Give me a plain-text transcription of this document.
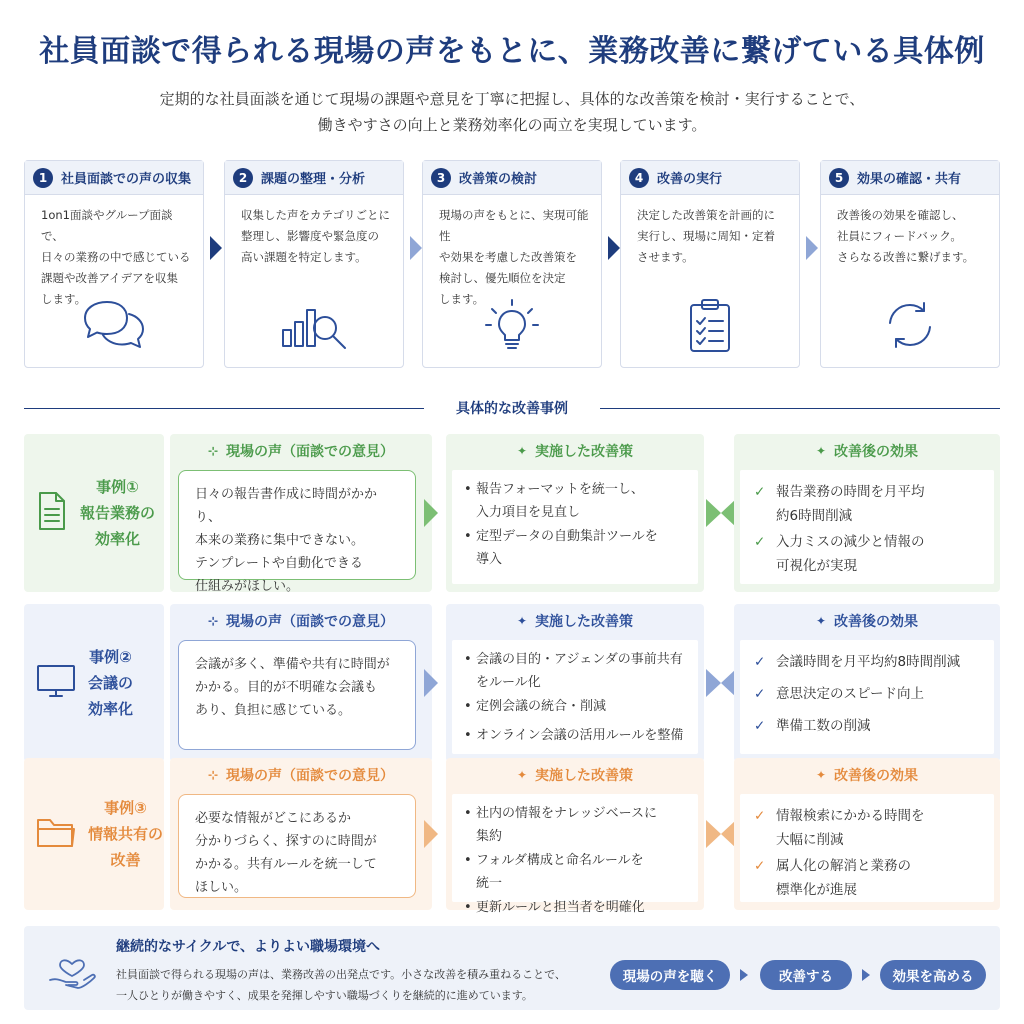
社員面談で得られる現場の声をもとに、業務改善に繋げている具体例
定期的な社員面談を通じて現場の課題や意見を丁寧に把握し、具体的な改善策を検討・実行することで、
働きやすさの向上と業務効率化の両立を実現しています。
1	社員面談での声の収集
1on1面談やグループ面談で、
日々の業務の中で感じている
課題や改善アイデアを収集
します。
2	課題の整理・分析
収集した声をカテゴリごとに
整理し、影響度や緊急度の
高い課題を特定します。
3	改善策の検討
現場の声をもとに、実現可能性
や効果を考慮した改善策を
検討し、優先順位を決定
します。
4	改善の実行
決定した改善策を計画的に
実行し、現場に周知・定着
させます。
5	効果の確認・共有
改善後の効果を確認し、
社員にフィードバック。
さらなる改善に繋げます。
具体的な改善事例
事例①
報告業務の
効率化
⊹ 現場の声（面談での意見）
日々の報告書作成に時間がかかり、
本来の業務に集中できない。
テンプレートや自動化できる
仕組みがほしい。
✦ 実施した改善策
• 報告フォーマットを統一し、
入力項目を見直し
• 定型データの自動集計ツールを
導入
✦ 改善後の効果
✓ 報告業務の時間を月平均
約6時間削減
✓ 入力ミスの減少と情報の
可視化が実現
事例②
会議の
効率化
⊹ 現場の声（面談での意見）
会議が多く、準備や共有に時間が
かかる。目的が不明確な会議も
あり、負担に感じている。
✦ 実施した改善策
• 会議の目的・アジェンダの事前共有
をルール化
• 定例会議の統合・削減
• オンライン会議の活用ルールを整備
✦ 改善後の効果
✓ 会議時間を月平均約8時間削減
✓ 意思決定のスピード向上
✓ 準備工数の削減
事例③
情報共有の
改善
⊹ 現場の声（面談での意見）
必要な情報がどこにあるか
分かりづらく、探すのに時間が
かかる。共有ルールを統一して
ほしい。
✦ 実施した改善策
• 社内の情報をナレッジベースに
集約
• フォルダ構成と命名ルールを
統一
• 更新ルールと担当者を明確化
✦ 改善後の効果
✓ 情報検索にかかる時間を
大幅に削減
✓ 属人化の解消と業務の
標準化が進展
継続的なサイクルで、よりよい職場環境へ
社員面談で得られる現場の声は、業務改善の出発点です。小さな改善を積み重ねることで、
一人ひとりが働きやすく、成果を発揮しやすい職場づくりを継続的に進めています。
現場の声を聴く	改善する	効果を高める
